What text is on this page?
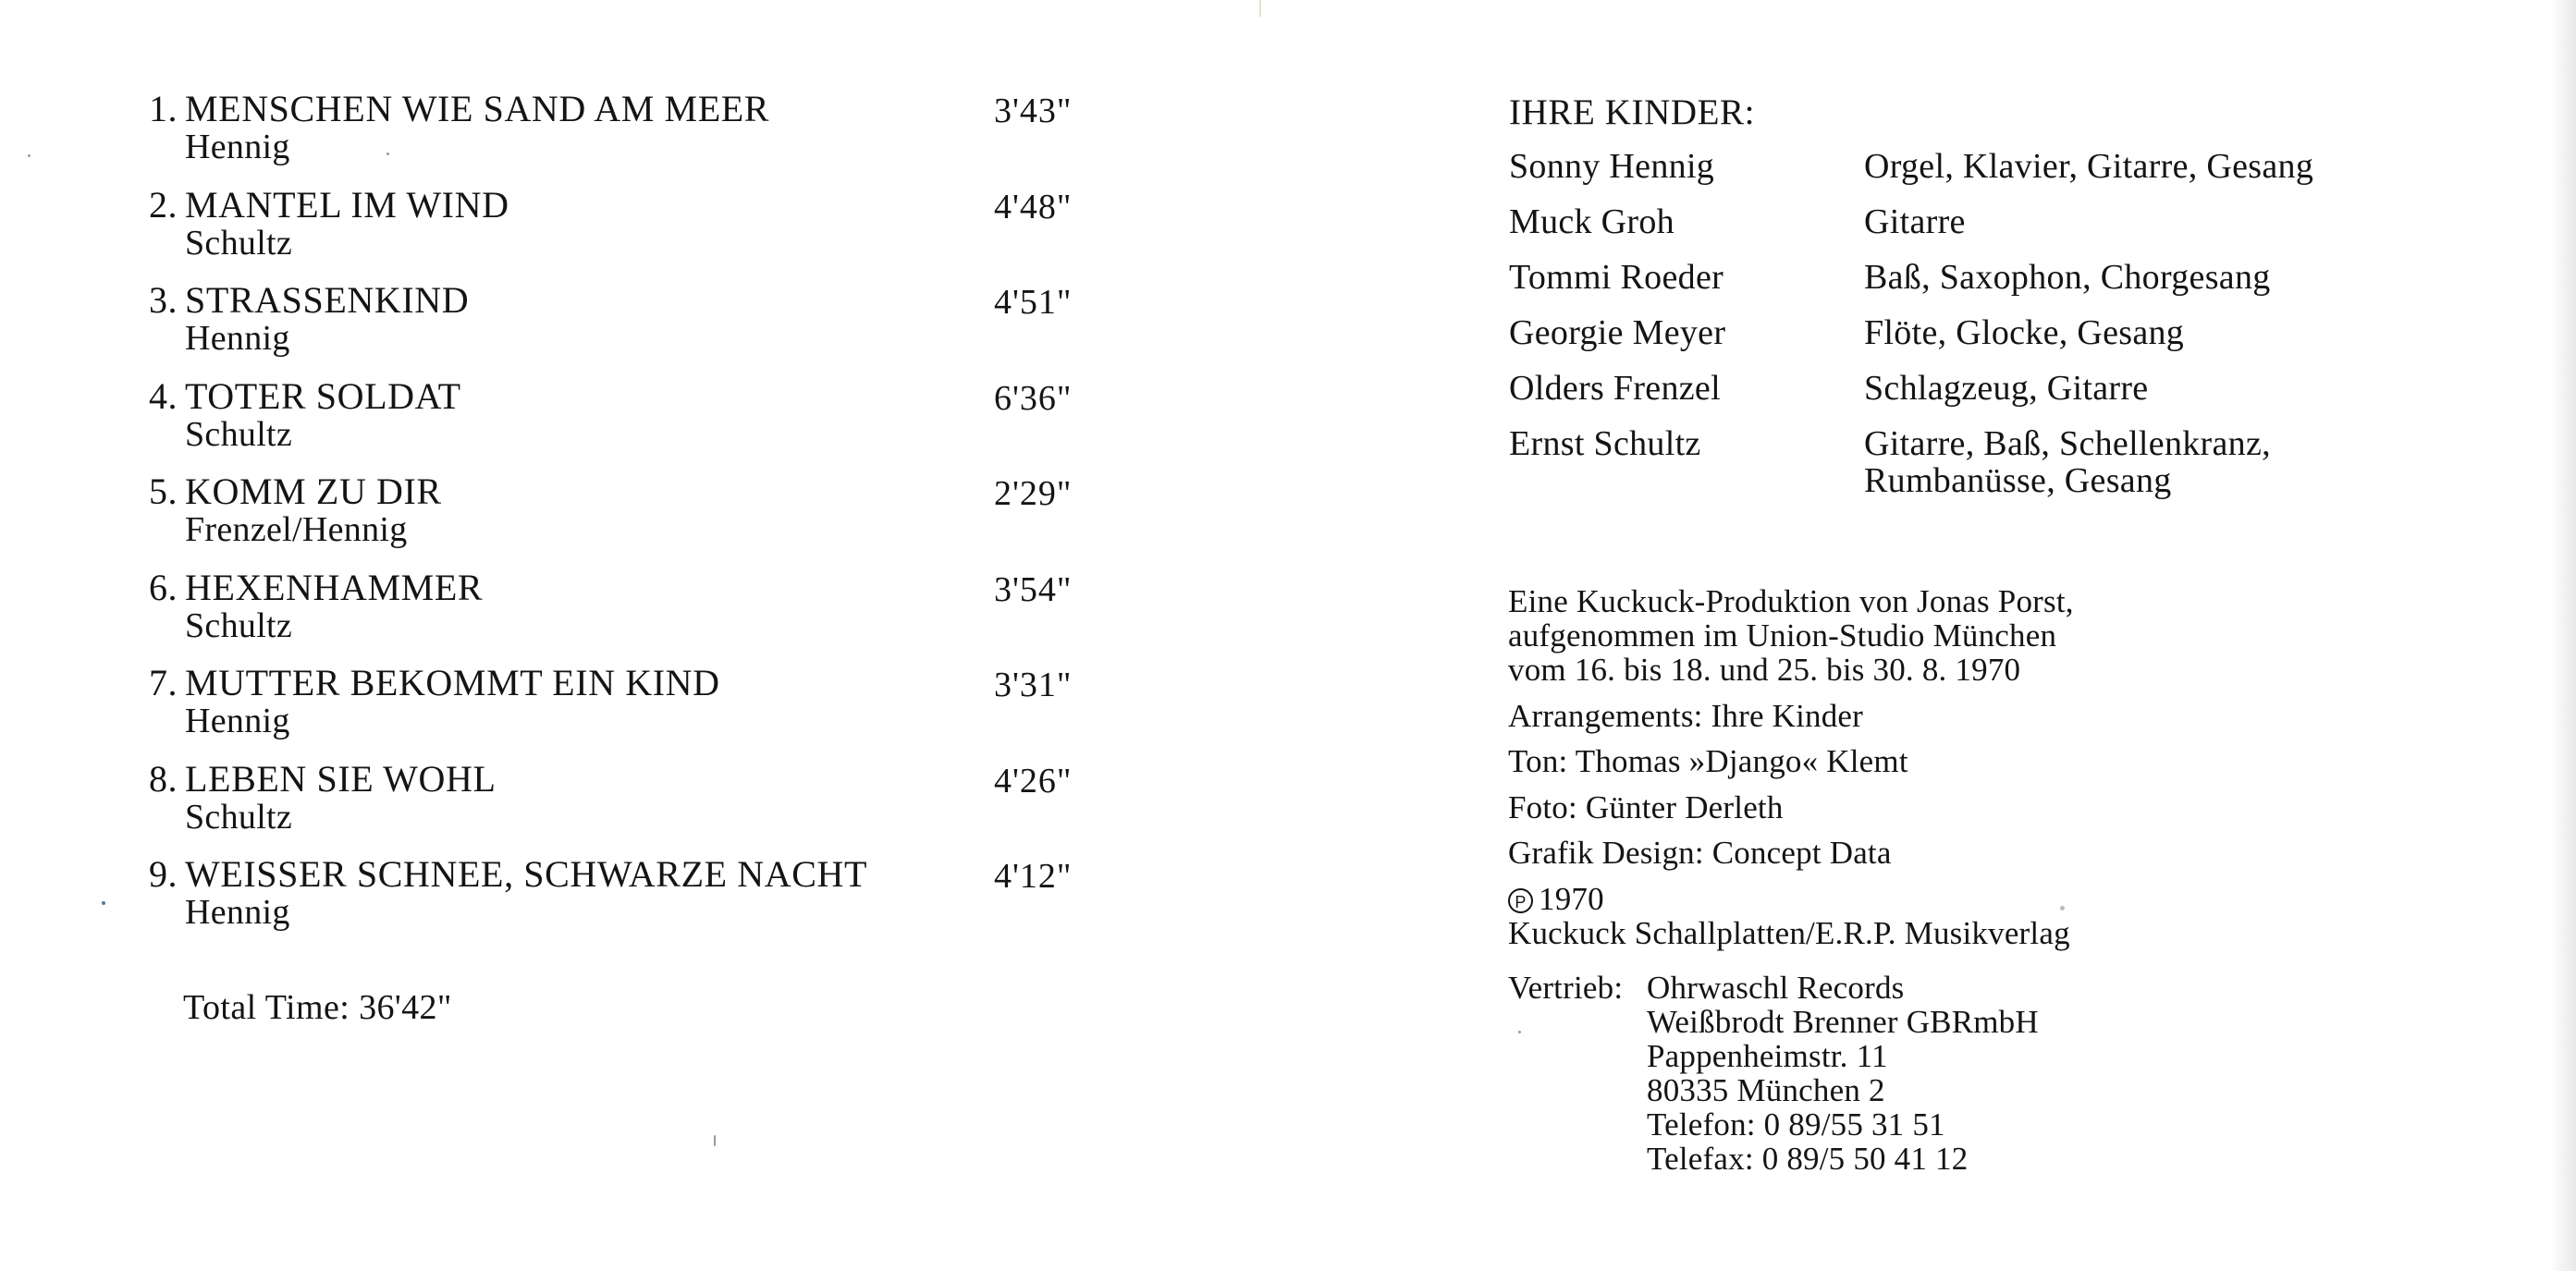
1. MENSCHEN WIE SAND AM MEER
Hennig
3'43"
2. MANTEL IM WIND
Schultz
4'48"
3. STRASSENKIND
Hennig
4'51"
4. TOTER SOLDAT
Schultz
6'36"
5. KOMM ZU DIR
Frenzel/Hennig
2'29"
6. HEXENHAMMER
Schultz
3'54"
7. MUTTER BEKOMMT EIN KIND
Hennig
3'31"
8. LEBEN SIE WOHL
Schultz
4'26"
9. WEISSER SCHNEE, SCHWARZE NACHT
Hennig
4'12"
Total Time: 36'42"
IHRE KINDER:
Sonny Hennig	Orgel, Klavier, Gitarre, Gesang
Muck Groh	Gitarre
Tommi Roeder	Baß, Saxophon, Chorgesang
Georgie Meyer	Flöte, Glocke, Gesang
Olders Frenzel	Schlagzeug, Gitarre
Ernst Schultz	Gitarre, Baß, Schellenkranz,
Rumbanüsse, Gesang
Eine Kuckuck-Produktion von Jonas Porst,
aufgenommen im Union-Studio München
vom 16. bis 18. und 25. bis 30. 8. 1970
Arrangements: Ihre Kinder
Ton: Thomas »Django« Klemt
Foto: Günter Derleth
Grafik Design: Concept Data
P 1970
Kuckuck Schallplatten/E.R.P. Musikverlag
Vertrieb: Ohrwaschl Records
Weißbrodt Brenner GBRmbH
Pappenheimstr. 11
80335 München 2
Telefon: 0 89/55 31 51
Telefax: 0 89/5 50 41 12
